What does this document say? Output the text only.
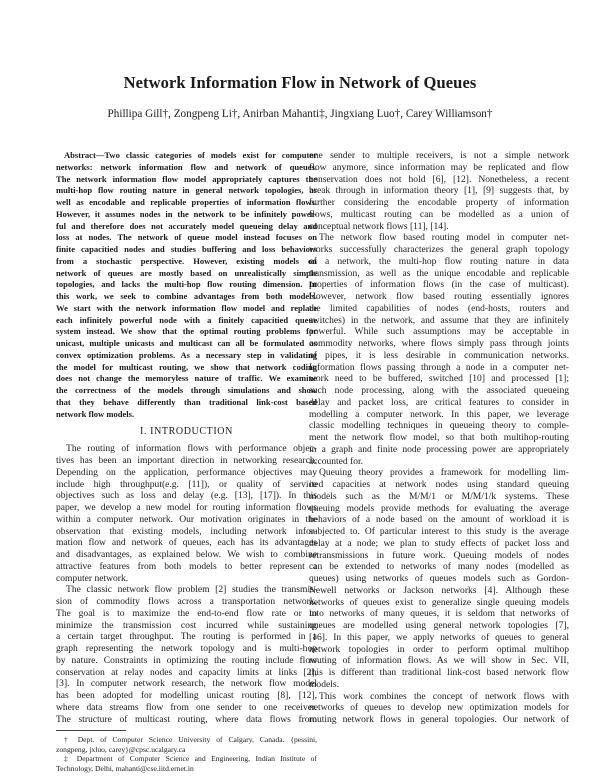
Network Information Flow in Network of Queues
Phillipa Gill†, Zongpeng Li†, Anirban Mahanti‡, Jingxiang Luo†, Carey Williamson†
Abstract—Two classic categories of models exist for computer
networks: network information flow and network of queues.
The network information flow model appropriately captures the
multi-hop flow routing nature in general network topologies, as
well as encodable and replicable properties of information flows.
However, it assumes nodes in the network to be infinitely power-
ful and therefore does not accurately model queueing delay and
loss at nodes. The network of queue model instead focuses on
finite capacitied nodes and studies buffering and loss behaviors
from a stochastic perspective. However, existing models on
network of queues are mostly based on unrealistically simple
topologies, and lacks the multi-hop flow routing dimension. In
this work, we seek to combine advantages from both models.
We start with the network information flow model and replace
each infinitely powerful node with a finitely capacitied queue
system instead. We show that the optimal routing problems for
unicast, multiple unicasts and multicast can all be formulated as
convex optimization problems. As a necessary step in validating
the model for multicast routing, we show that network coding
does not change the memoryless nature of traffic. We examine
the correctness of the models through simulations and show
that they behave differently than traditional link-cost based
network flow models.
I. INTRODUCTION
The routing of information flows with performance objec-
tives has been an important direction in networking research.
Depending on the application, performance objectives may
include high throughput(e.g. [11]), or quality of service
objectives such as loss and delay (e.g. [13], [17]). In this
paper, we develop a new model for routing information flows
within a computer network. Our motivation originates in the
observation that existing models, including network infor-
mation flow and network of queues, each has its advantages
and disadvantages, as explained below. We wish to combine
attractive features from both models to better represent a
computer network.
The classic network flow problem [2] studies the transmis-
sion of commodity flows across a transportation network.
The goal is to maximize the end-to-end flow rate or to
minimize the transmission cost incurred while sustaining
a certain target throughput. The routing is performed in a
graph representing the network topology and is multi-hop
by nature. Constraints in optimizing the routing include flow
conservation at relay nodes and capacity limits at links [2],
[3]. In computer network research, the network flow model
has been adopted for modelling unicast routing [8], [12],
where data streams flow from one sender to one receiver.
The structure of multicast routing, where data flows from
† Dept. of Computer Science University of Calgary, Canada. {pessini,
zongpeng, jxluo, carey}@cpsc.ucalgary.ca
‡ Department of Computer Science and Engineering, Indian Institute of
Technology, Delhi, mahanti@cse.iitd.ernet.in
one sender to multiple receivers, is not a simple network
flow anymore, since information may be replicated and flow
conservation does not hold [6], [12]. Nonetheless, a recent
break through in information theory [1], [9] suggests that, by
further considering the encodable property of information
flows, multicast routing can be modelled as a union of
conceptual network flows [11], [14].
The network flow based routing model in computer net-
works successfully characterizes the general graph topology
of a network, the multi-hop flow routing nature in data
transmission, as well as the unique encodable and replicable
properties of information flows (in the case of multicast).
However, network flow based routing essentially ignores
the limited capabilities of nodes (end-hosts, routers and
switches) in the network, and assume that they are infinitely
powerful. While such assumptions may be acceptable in
commodity networks, where flows simply pass through joints
of pipes, it is less desirable in communication networks.
Information flows passing through a node in a computer net-
work need to be buffered, switched [10] and processed [1];
such node processing, along with the associated queueing
delay and packet loss, are critical features to consider in
modelling a computer network. In this paper, we leverage
classic modelling techniques in queueing theory to comple-
ment the network flow model, so that both multihop-routing
in a graph and finite node processing power are appropriately
accounted for.
Queuing theory provides a framework for modelling lim-
ited capacities at network nodes using standard queuing
models such as the M/M/1 or M/M/1/k systems. These
queuing models provide methods for evaluating the average
behaviors of a node based on the amount of workload it is
subjected to. Of particular interest to this study is the average
delay at a node; we plan to study effects of packet loss and
retransmissions in future work. Queuing models of nodes
can be extended to networks of many nodes (modelled as
queues) using networks of queues models such as Gordon-
Newell networks or Jackson networks [4]. Although these
networks of queues exist to generalize single queuing models
into networks of many queues, it is seldom that networks of
queues are modelled using general network topologies [7],
[16]. In this paper, we apply networks of queues to general
network topologies in order to perform optimal multihop
routing of information flows. As we will show in Sec. VII,
this is different than traditional link-cost based network flow
models.
This work combines the concept of network flows with
networks of queues to develop new optimization models for
routing network flows in general topologies. Our network of
